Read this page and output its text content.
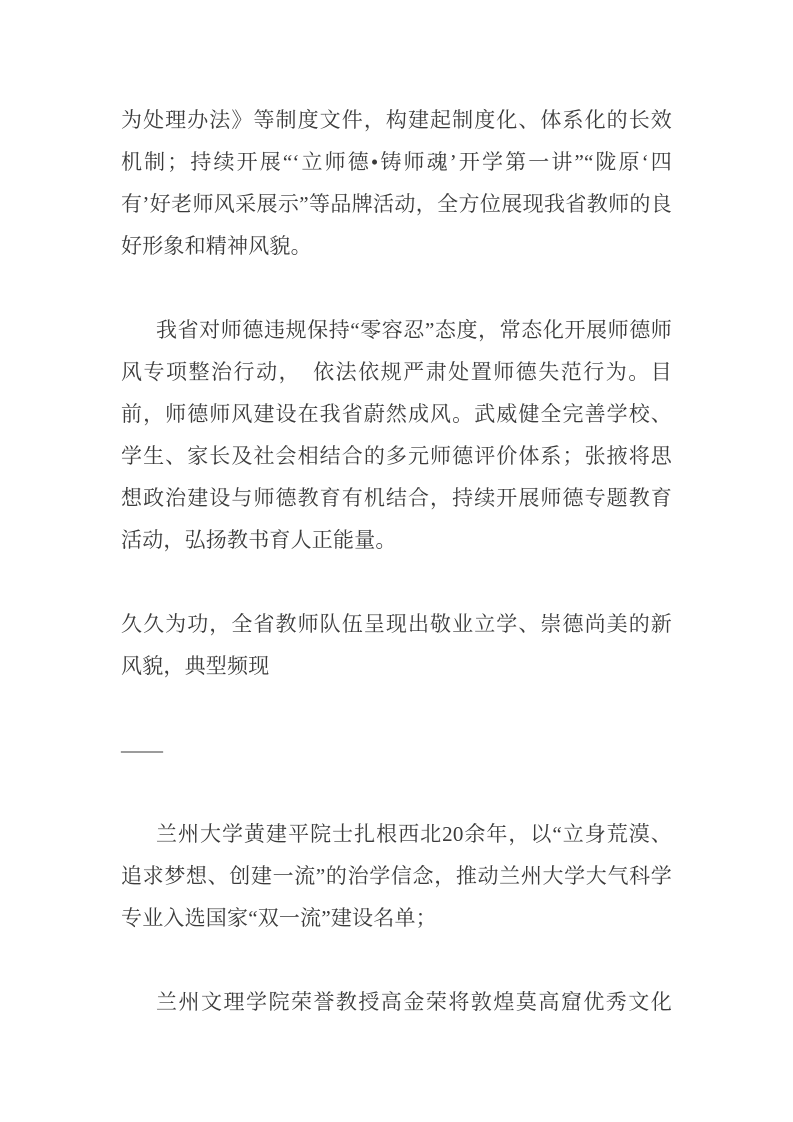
为处理办法》等制度文件，构建起制度化、体系化的长效机制；持续开展“‘立师德•铸师魂’开学第一讲”“陇原‘四有’好老师风采展示”等品牌活动，全方位展现我省教师的良好形象和精神风貌。

我省对师德违规保持“零容忍”态度，常态化开展师德师风专项整治行动，　依法依规严肃处置师德失范行为。目前，师德师风建设在我省蔚然成风。武威健全完善学校、学生、家长及社会相结合的多元师德评价体系；张掖将思想政治建设与师德教育有机结合，持续开展师德专题教育活动，弘扬教书育人正能量。

久久为功，全省教师队伍呈现出敬业立学、崇德尚美的新风貌，典型频现

——

兰州大学黄建平院士扎根西北20余年，以“立身荒漠、追求梦想、创建一流”的治学信念，推动兰州大学大气科学专业入选国家“双一流”建设名单；

兰州文理学院荣誉教授高金荣将敦煌莫高窟优秀文化
